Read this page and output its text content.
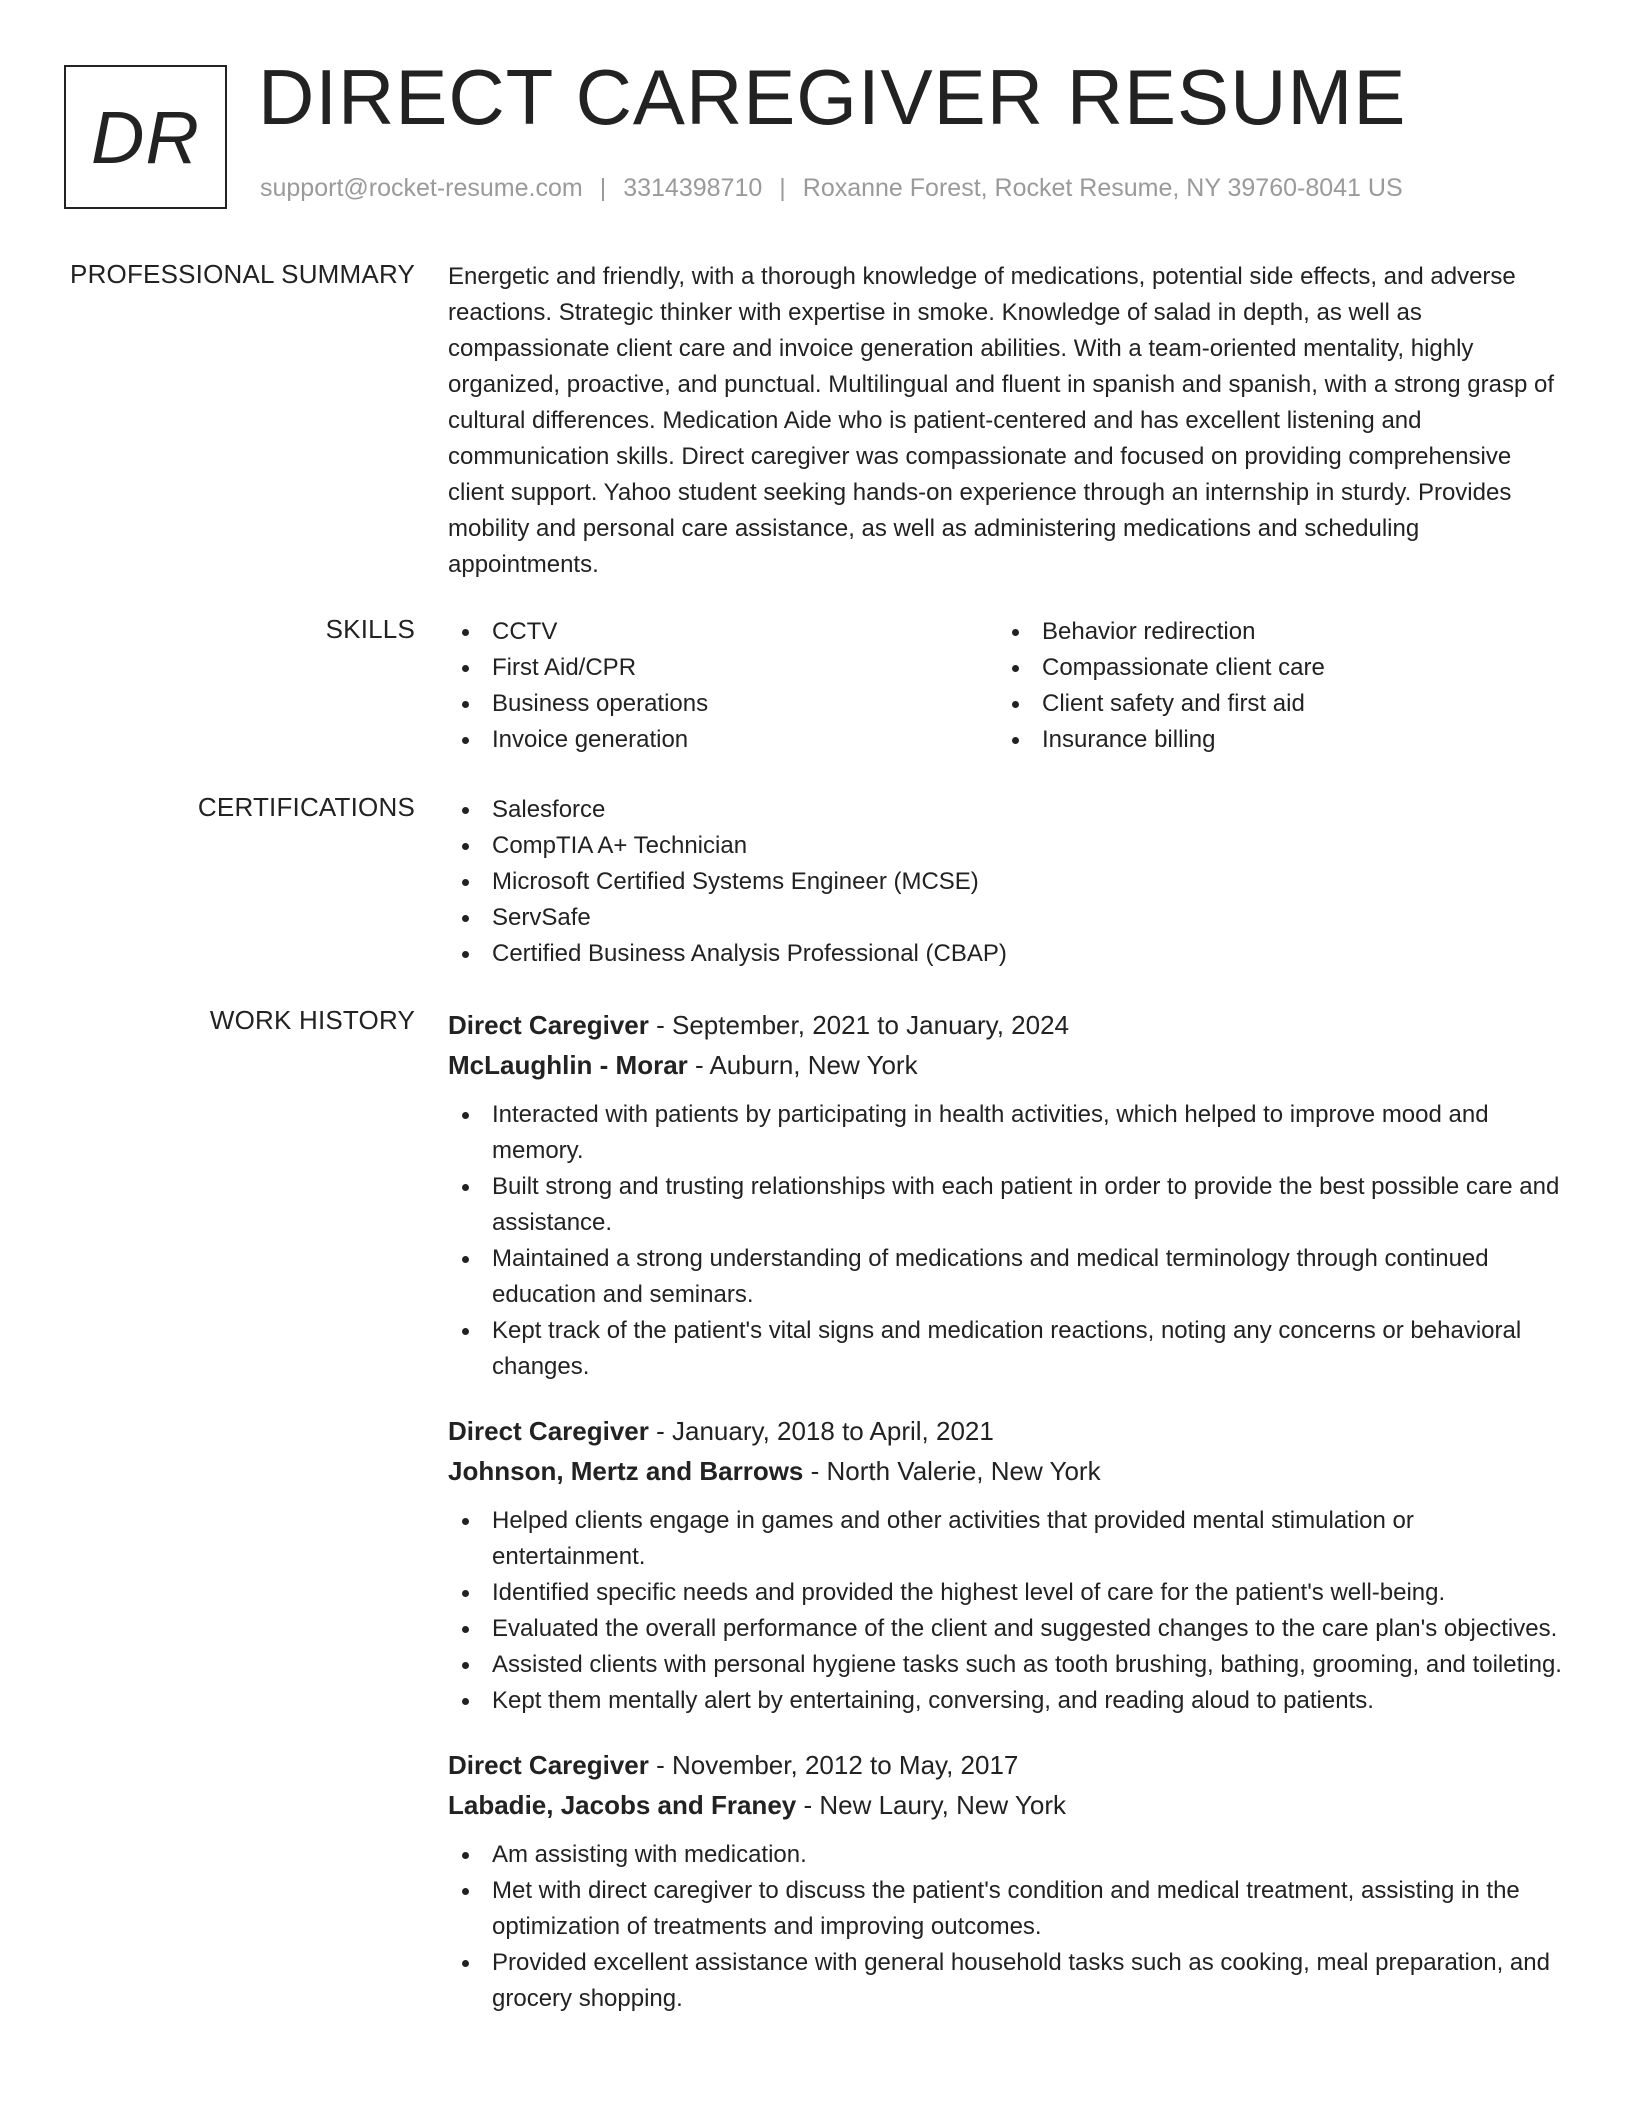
DR DIRECT CAREGIVER RESUME
support@rocket-resume.com | 3314398710 | Roxanne Forest, Rocket Resume, NY 39760-8041 US
PROFESSIONAL SUMMARY Energetic and friendly, with a thorough knowledge of medications, potential side effects, and adverse reactions. Strategic thinker with expertise in smoke. Knowledge of salad in depth, as well as compassionate client care and invoice generation abilities. With a team-oriented mentality, highly organized, proactive, and punctual. Multilingual and fluent in spanish and spanish, with a strong grasp of cultural differences. Medication Aide who is patient-centered and has excellent listening and communication skills. Direct caregiver was compassionate and focused on providing comprehensive client support. Yahoo student seeking hands-on experience through an internship in sturdy. Provides mobility and personal care assistance, as well as administering medications and scheduling appointments.
SKILLS	CCTV
First Aid/CPR
Business operations
Invoice generation
Behavior redirection
Compassionate client care
Client safety and first aid
Insurance billing
CERTIFICATIONS	Salesforce
CompTIA A+ Technician
Microsoft Certified Systems Engineer (MCSE)
ServSafe
Certified Business Analysis Professional (CBAP)
WORK HISTORY Direct Caregiver - September, 2021 to January, 2024
McLaughlin - Morar - Auburn, New York
Interacted with patients by participating in health activities, which helped to improve mood and memory.
Built strong and trusting relationships with each patient in order to provide the best possible care and assistance.
Maintained a strong understanding of medications and medical terminology through continued education and seminars.
Kept track of the patient's vital signs and medication reactions, noting any concerns or behavioral changes.
Direct Caregiver - January, 2018 to April, 2021
Johnson, Mertz and Barrows - North Valerie, New York
Helped clients engage in games and other activities that provided mental stimulation or entertainment.
Identified specific needs and provided the highest level of care for the patient's well-being.
Evaluated the overall performance of the client and suggested changes to the care plan's objectives.
Assisted clients with personal hygiene tasks such as tooth brushing, bathing, grooming, and toileting.
Kept them mentally alert by entertaining, conversing, and reading aloud to patients.
Direct Caregiver - November, 2012 to May, 2017
Labadie, Jacobs and Franey - New Laury, New York
Am assisting with medication.
Met with direct caregiver to discuss the patient's condition and medical treatment, assisting in the optimization of treatments and improving outcomes.
Provided excellent assistance with general household tasks such as cooking, meal preparation, and grocery shopping.
